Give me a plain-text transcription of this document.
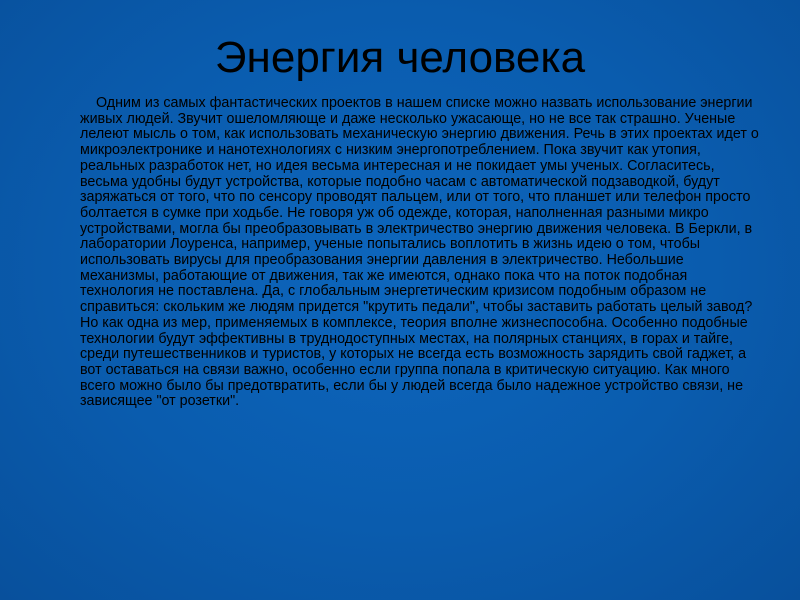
Энергия человека

Одним из самых фантастических проектов в нашем списке можно назвать использование энергии живых людей. Звучит ошеломляюще и даже несколько ужасающе, но не все так страшно. Ученые лелеют мысль о том, как использовать механическую энергию движения. Речь в этих проектах идет о микроэлектронике и нанотехнологиях с низким энергопотреблением. Пока звучит как утопия, реальных разработок нет, но идея весьма интересная и не покидает умы ученых. Согласитесь, весьма удобны будут устройства, которые подобно часам с автоматической подзаводкой, будут заряжаться от того, что по сенсору проводят пальцем, или от того, что планшет или телефон просто болтается в сумке при ходьбе. Не говоря уж об одежде, которая, наполненная разными микро устройствами, могла бы преобразовывать в электричество энергию движения человека. В Беркли, в лаборатории Лоуренса, например, ученые попытались воплотить в жизнь идею о том, чтобы использовать вирусы для преобразования энергии давления в электричество. Небольшие механизмы, работающие от движения, так же имеются, однако пока что на поток подобная технология не поставлена. Да, с глобальным энергетическим кризисом подобным образом не справиться: скольким же людям придется "крутить педали", чтобы заставить работать целый завод? Но как одна из мер, применяемых в комплексе, теория вполне жизнеспособна. Особенно подобные технологии будут эффективны в труднодоступных местах, на полярных станциях, в горах и тайге, среди путешественников и туристов, у которых не всегда есть возможность зарядить свой гаджет, а вот оставаться на связи важно, особенно если группа попала в критическую ситуацию. Как много всего можно было бы предотвратить, если бы у людей всегда было надежное устройство связи, не зависящее "от розетки".
